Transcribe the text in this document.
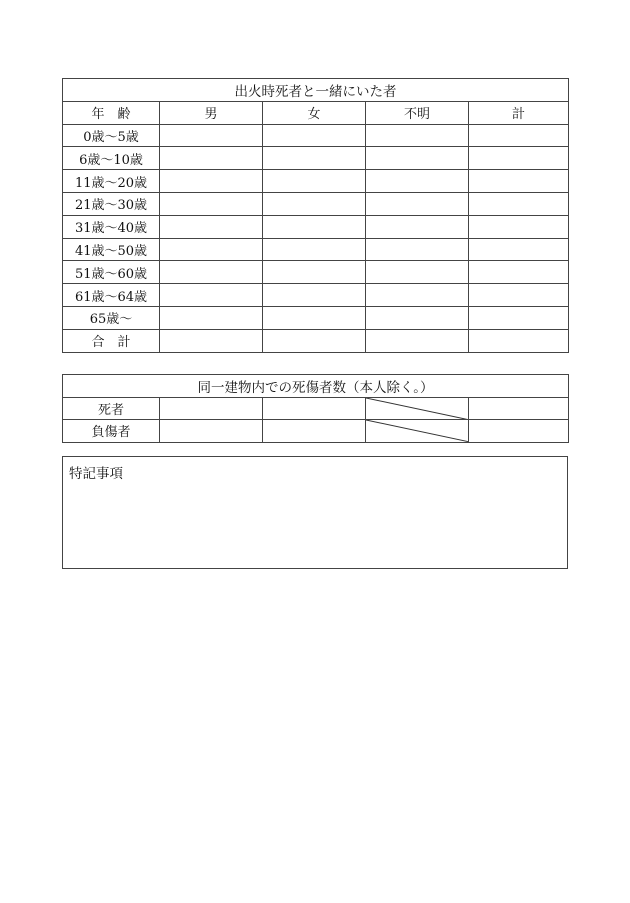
出火時死者と一緒にいた者				
年　齢	男	女	不明	計
0歳～5歳				
6歳～10歳				
11歳～20歳				
21歳～30歳				
31歳～40歳				
41歳～50歳				
51歳～60歳				
61歳～64歳				
65歳～				
合　計				
同一建物内での死傷者数（本人除く。）				
死者			

負傷者			

特記事項
